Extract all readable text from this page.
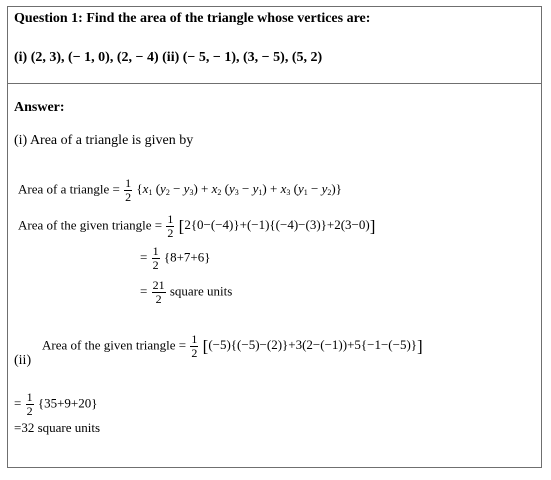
Question 1: Find the area of the triangle whose vertices are:
(i) (2, 3), (− 1, 0), (2, − 4) (ii) (− 5, − 1), (3, − 5), (5, 2)
Answer:
(i) Area of a triangle is given by
Area of a triangle = $\frac{1}{2} \{x_1$ $(y_2 - y_3) + x_2$ $(y_3 - y_1) + x_3$ $(y_1 - y_2)$}
Area of the given triangle = $\frac{1}{2} [2\{0-(-4)\}+(-1)\{(-4)-(3)\}+2(3-0)]$
= $\frac{1}{2} \{8+7+6\}$
= $\frac{21}{2}$ square units
(ii)
Area of the given triangle = $\frac{1}{2} [(-5)\{(-5)-(2)\}+3(2-(-1))+5\{-1-(-5)\}]$
= $\frac{1}{2} \{35+9+20\}$
=32 square units
